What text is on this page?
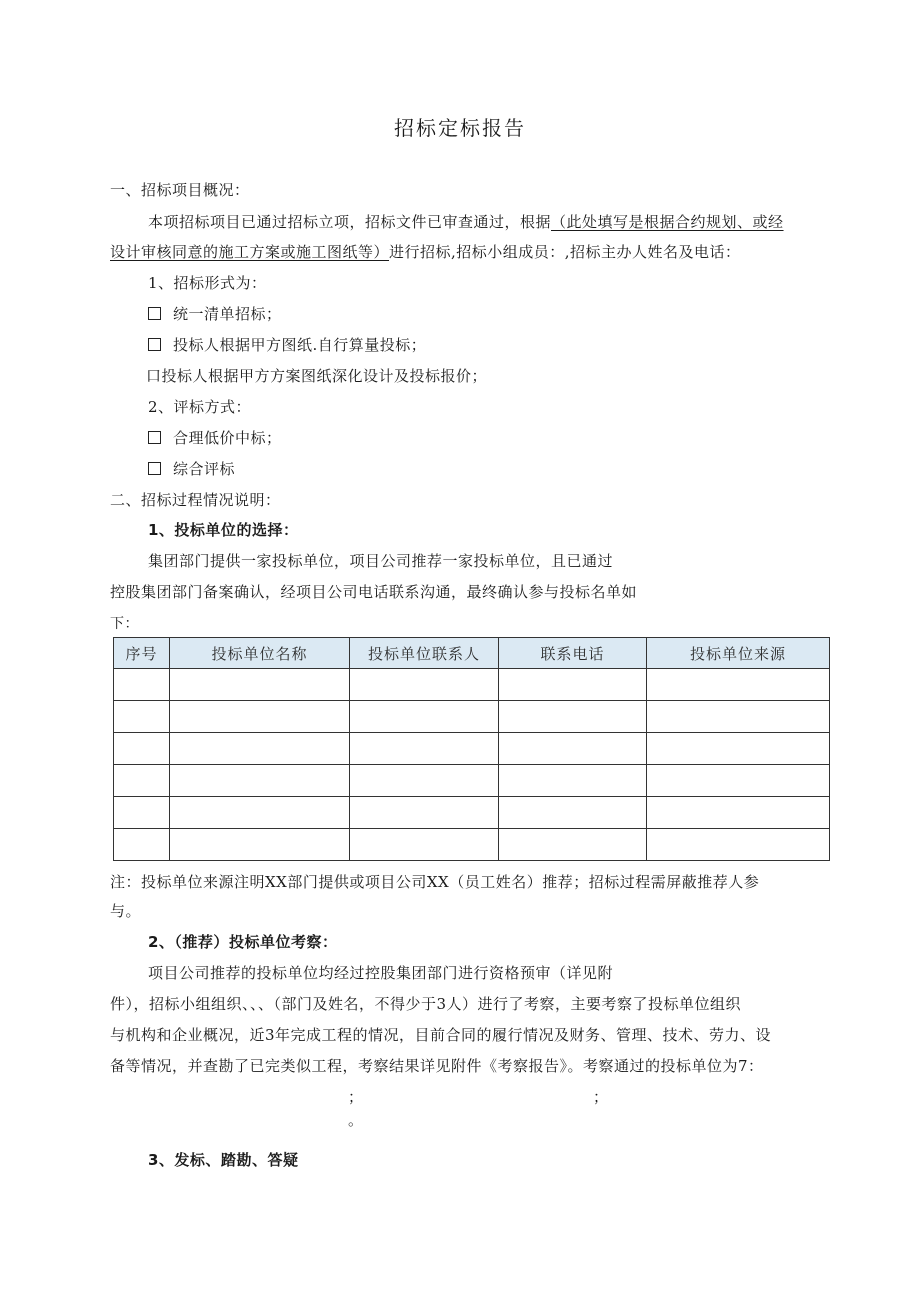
招标定标报告
一、招标项目概况：
本项招标项目已通过招标立项，招标文件已审查通过，根据（此处填写是根据合约规划、或经
设计审核同意的施工方案或施工图纸等）进行招标,招标小组成员：,招标主办人姓名及电话：
1、招标形式为：
统一清单招标；
投标人根据甲方图纸.自行算量投标；
口投标人根据甲方方案图纸深化设计及投标报价；
2、评标方式：
合理低价中标；
综合评标
二、招标过程情况说明：
1、投标单位的选择：
集团部门提供一家投标单位，项目公司推荐一家投标单位，且已通过
控股集团部门备案确认，经项目公司电话联系沟通，最终确认参与投标名单如
下：
序号	投标单位名称	投标单位联系人	联系电话	投标单位来源

注：投标单位来源注明XX部门提供或项目公司XX（员工姓名）推荐；招标过程需屏蔽推荐人参
与。
2、（推荐）投标单位考察：
项目公司推荐的投标单位均经过控股集团部门进行资格预审（详见附
件），招标小组组织、、、（部门及姓名，不得少于3人）进行了考察，主要考察了投标单位组织
与机构和企业概况，近3年完成工程的情况，目前合同的履行情况及财务、管理、技术、劳力、设
备等情况，并查勘了已完类似工程，考察结果详见附件《考察报告》。考察通过的投标单位为7：
；	；
。
3、发标、踏勘、答疑
